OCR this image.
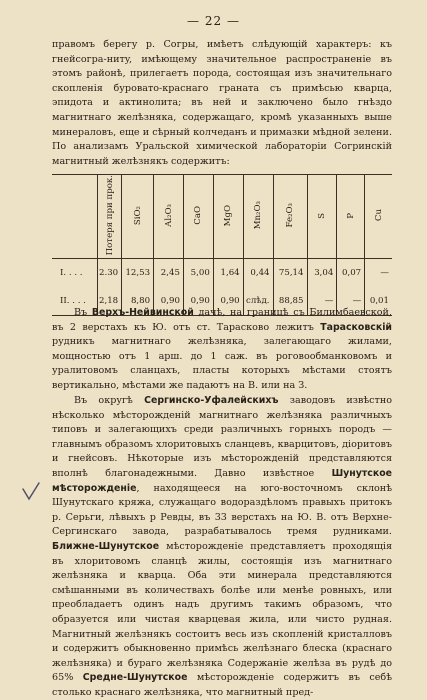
— 22 —

правомъ берегу р. Согры, имѣетъ слѣдующій характеръ: къ гнейсогра-нитy, имѣющему значительное распространеніе въ этомъ районѣ, прилегаетъ порода, состоящая изъ значительнаго скопленія буроватo-краснаго граната съ примѣсью кварца, эпидота и актинолита; въ ней и заключено было гнѣздо магнитнаго желѣзняка, содержащаго, кромѣ указанныхъ выше минераловъ, еще и сѣрный колчеданъ и примазки мѣдной зелени. По анализамъ Уральской химической лабораторіи Согринскій магнитный желѣзнякъ содержитъ:

	Потеря при прок.	SiO₂	Al₂O₃	CaO	MgO	Mn₂O₃	Fe₂O₃	S	P	Cu
I. . . .	2.30	12,53	2,45	5,00	1,64	0,44	75,14	3,04	0,07	—
II. . . .	2,18	8,80	0,90	0,90	0,90	слѣд.	88,85	—	—	0,01

Въ Верхъ-Нейвинской дачѣ, на границѣ съ Билимбаевской, въ 2 верстахъ къ Ю. отъ ст. Тарасково лежитъ Тарасковскій рудникъ магнитнаго желѣзняка, залегающаго жилами, мощностью отъ 1 арш. до 1 саж. въ роговообманковомъ и уралитовомъ сланцахъ, пласты которыхъ мѣстами стоятъ вертикально, мѣстами же падаютъ на В. или на З.

Въ округѣ Сергинско-Уфалейскихъ заводовъ извѣстно нѣсколько мѣсторожденій магнитнаго желѣзняка различныхъ типовъ и залегающихъ среди различныхъ горныхъ породъ — главнымъ образомъ хлоритовыхъ сланцевъ, кварцитовъ, діоритовъ и гнейсовъ. Нѣкоторые изъ мѣсторожденій представляются вполнѣ благонадежными. Давно извѣстное Шунутское мѣсторожденіе, находящееся на юго-восточномъ склонѣ Шунутскаго кряжа, служащаго водораздѣломъ правыхъ притокъ р. Серьги, лѣвыхъ р Ревды, въ 33 верстахъ на Ю. В. отъ Верхне-Сергинскаго завода, разрабатывалось тремя рудниками. Ближне-Шунутское мѣсторожденіе представляетъ проходящія въ хлоритовомъ сланцѣ жилы, состоящія изъ магнитнаго желѣзняка и кварца. Оба эти минерала представляются смѣшанными въ количествахъ болѣе или менѣе ровныхъ, или преобладаетъ одинъ надъ другимъ такимъ образомъ, что образуется или чистая кварцевая жила, или чисто рудная. Магнитный желѣзнякъ состоитъ весь изъ скопленій кристалловъ и содержитъ обыкновенно примѣсь желѣзнаго блеска (краснаго желѣзняка) и бураго желѣзняка Содержаніе желѣза въ рудѣ до 65% Средне-Шунутское мѣсторожденіе содержитъ въ себѣ столько краснаго желѣзняка, что магнитный пред-
